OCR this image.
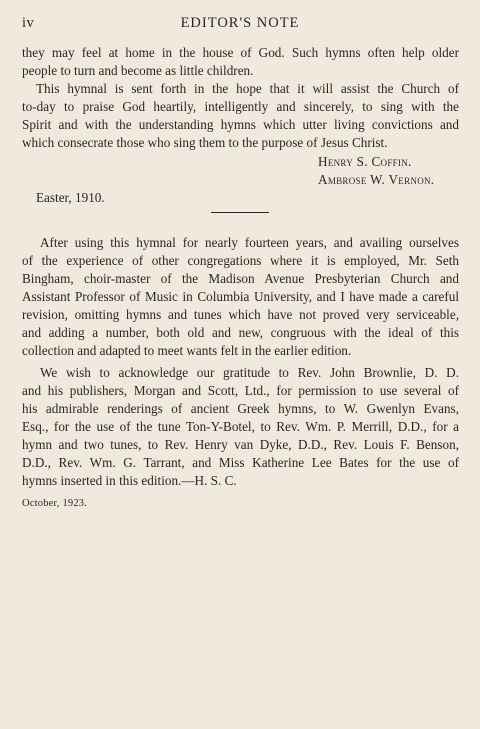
iv	EDITOR'S NOTE
they may feel at home in the house of God. Such hymns often help older
people to turn and become as little children.
This hymnal is sent forth in the hope that it will assist the Church of
to-day to praise God heartily, intelligently and sincerely, to sing with the
Spirit and with the understanding hymns which utter living convictions and
which consecrate those who sing them to the purpose of Jesus Christ.
Henry S. Coffin.
Ambrose W. Vernon.
Easter, 1910.
After using this hymnal for nearly fourteen years, and availing ourselves
of the experience of other congregations where it is employed, Mr. Seth
Bingham, choir-master of the Madison Avenue Presbyterian Church and
Assistant Professor of Music in Columbia University, and I have made a careful
revision, omitting hymns and tunes which have not proved very serviceable,
and adding a number, both old and new, congruous with the ideal of this
collection and adapted to meet wants felt in the earlier edition.
We wish to acknowledge our gratitude to Rev. John Brownlie, D. D.
and his publishers, Morgan and Scott, Ltd., for permission to use several of
his admirable renderings of ancient Greek hymns, to W. Gwenlyn Evans,
Esq., for the use of the tune Ton-Y-Botel, to Rev. Wm. P. Merrill, D.D., for a
hymn and two tunes, to Rev. Henry van Dyke, D.D., Rev. Louis F. Benson,
D.D., Rev. Wm. G. Tarrant, and Miss Katherine Lee Bates for the use of
hymns inserted in this edition.—H. S. C.
October, 1923.
